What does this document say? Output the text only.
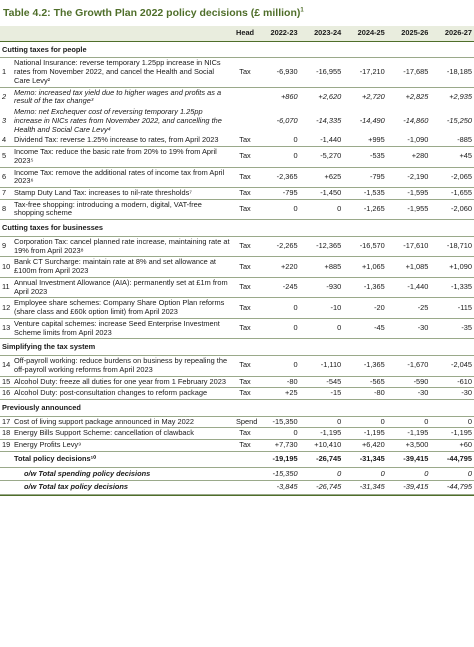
Table 4.2: The Growth Plan 2022 policy decisions (£ million)$^1$
		Head	2022-23	2023-24	2024-25	2025-26	2026-27
Cutting taxes for people							
1	National Insurance: reverse temporary 1.25pp increase in NICs rates from November 2022, and cancel the Health and Social Care Levy²	Tax	-6,930	-16,955	-17,210	-17,685	-18,185
2	Memo: increased tax yield due to higher wages and profits as a result of the tax change³		+860	+2,620	+2,720	+2,825	+2,935
3	Memo: net Exchequer cost of reversing temporary 1.25pp increase in NICs rates from November 2022, and cancelling the Health and Social Care Levy⁴		-6,070	-14,335	-14,490	-14,860	-15,250
4	Dividend Tax: reverse 1.25% increase to rates, from April 2023	Tax	0	-1,440	+995	-1,090	-885
5	Income Tax: reduce the basic rate from 20% to 19% from April 2023⁵	Tax	0	-5,270	-535	+280	+45
6	Income Tax: remove the additional rates of income tax from April 2023⁶	Tax	-2,365	+625	-795	-2,190	-2,065
7	Stamp Duty Land Tax: increases to nil-rate thresholds⁷	Tax	-795	-1,450	-1,535	-1,595	-1,655
8	Tax-free shopping: introducing a modern, digital, VAT-free shopping scheme	Tax	0	0	-1,265	-1,955	-2,060
Cutting taxes for businesses							
9	Corporation Tax: cancel planned rate increase, maintaining rate at 19% from April 2023⁸	Tax	-2,265	-12,365	-16,570	-17,610	-18,710
10	Bank CT Surcharge: maintain rate at 8% and set allowance at £100m from April 2023	Tax	+220	+885	+1,065	+1,085	+1,090
11	Annual Investment Allowance (AIA): permanently set at £1m from April 2023	Tax	-245	-930	-1,365	-1,440	-1,335
12	Employee share schemes: Company Share Option Plan reforms (share class and £60k option limit) from April 2023	Tax	0	-10	-20	-25	-115
13	Venture capital schemes: increase Seed Enterprise Investment Scheme limits from April 2023	Tax	0	0	-45	-30	-35
Simplifying the tax system							
14	Off-payroll working: reduce burdens on business by repealing the off-payroll working reforms from April 2023	Tax	0	-1,110	-1,365	-1,670	-2,045
15	Alcohol Duty: freeze all duties for one year from 1 February 2023	Tax	-80	-545	-565	-590	-610
16	Alcohol Duty: post-consultation changes to reform package	Tax	+25	-15	-80	-30	-30
Previously announced							
17	Cost of living support package announced in May 2022	Spend	-15,350	0	0	0	0
18	Energy Bills Support Scheme: cancellation of clawback	Tax	0	-1,195	-1,195	-1,195	-1,195
19	Energy Profits Levy⁹	Tax	+7,730	+10,410	+6,420	+3,500	+60
	Total policy decisions¹⁰		-19,195	-26,745	-31,345	-39,415	-44,795
	o/w Total spending policy decisions		-15,350	0	0	0	0
	o/w Total tax policy decisions		-3,845	-26,745	-31,345	-39,415	-44,795
